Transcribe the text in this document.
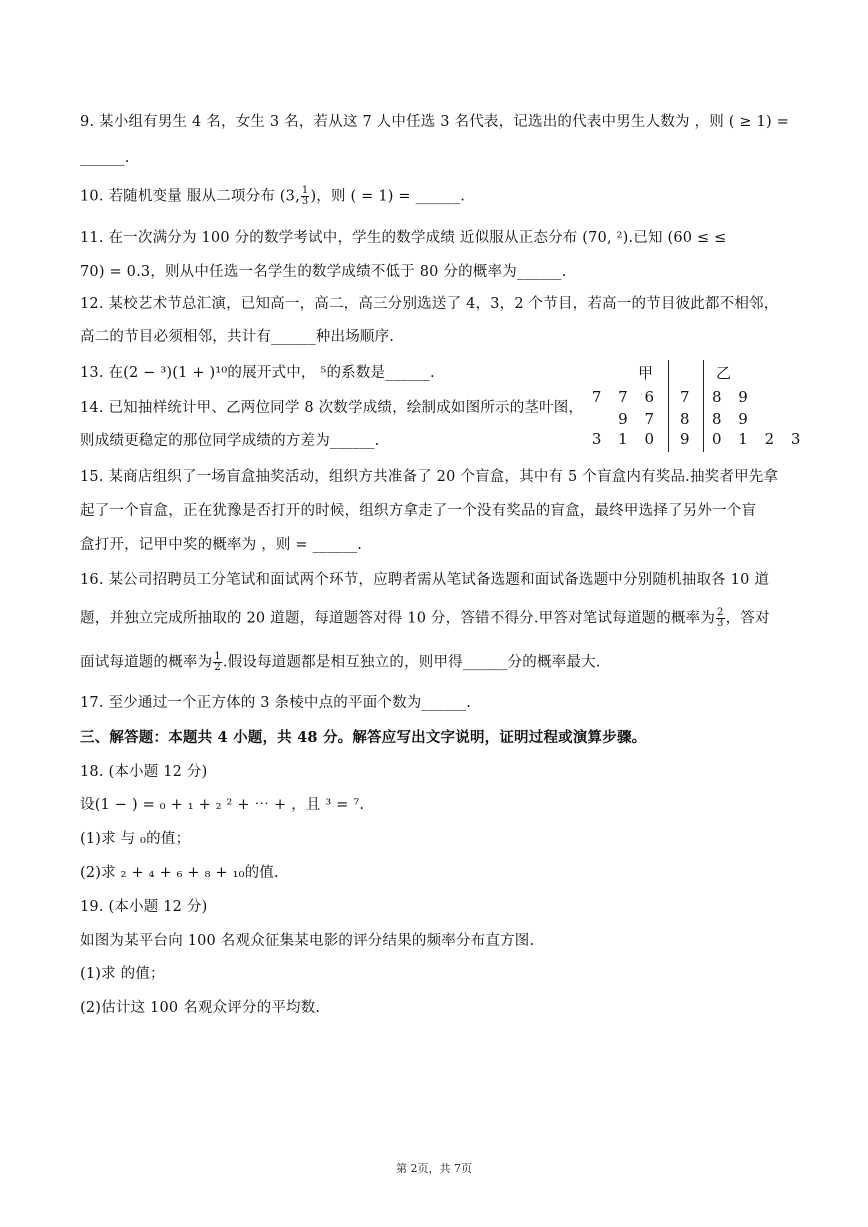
9. 某小组有男生 4 名，女生 3 名，若从这 7 人中任选 3 名代表，记选出的代表中男生人数为 ，则 ( ≥ 1) =
______.
10. 若随机变量 服从二项分布 (3, $\frac{1}{3}$ )，则 ( = 1) = ______.
11. 在一次满分为 100 分的数学考试中，学生的数学成绩 近似服从正态分布 (70, ²).已知 (60 ≤ ≤
70) = 0.3，则从中任选一名学生的数学成绩不低于 80 分的概率为______.
12. 某校艺术节总汇演，已知高一，高二，高三分别选送了 4，3，2 个节目，若高一的节目彼此都不相邻，
高二的节目必须相邻，共计有______种出场顺序.
13. 在(2 − ³)(1 + )¹⁰的展开式中， ⁵的系数是______.
14. 已知抽样统计甲、乙两位同学 8 次数学成绩，绘制成如图所示的茎叶图，
则成绩更稳定的那位同学成绩的方差为______.
甲	乙
7 7 6 7 8 9
9 7 8 8 9
3 1 0 9 0 1 2 3
15. 某商店组织了一场盲盒抽奖活动，组织方共准备了 20 个盲盒，其中有 5 个盲盒内有奖品.抽奖者甲先拿
起了一个盲盒，正在犹豫是否打开的时候，组织方拿走了一个没有奖品的盲盒，最终甲选择了另外一个盲
盒打开，记甲中奖的概率为 ，则 = ______.
16. 某公司招聘员工分笔试和面试两个环节，应聘者需从笔试备选题和面试备选题中分别随机抽取各 10 道
题，并独立完成所抽取的 20 道题，每道题答对得 10 分，答错不得分.甲答对笔试每道题的概率为 $\frac{2}{3}$ ，答对
面试每道题的概率为 $\frac{1}{2}$ .假设每道题都是相互独立的，则甲得______分的概率最大.
17. 至少通过一个正方体的 3 条棱中点的平面个数为______.
三、解答题：本题共 4 小题，共 48 分。解答应写出文字说明，证明过程或演算步骤。
18. (本小题 12 分)
设(1 − ) = ₀ + ₁ + ₂ ² + ⋯ + ，且 ³ = ⁷.
(1)求 与 ₀的值；
(2)求 ₂ + ₄ + ₆ + ₈ + ₁₀的值.
19. (本小题 12 分)
如图为某平台向 100 名观众征集某电影的评分结果的频率分布直方图.
(1)求 的值；
(2)估计这 100 名观众评分的平均数.
第 2页，共 7页
